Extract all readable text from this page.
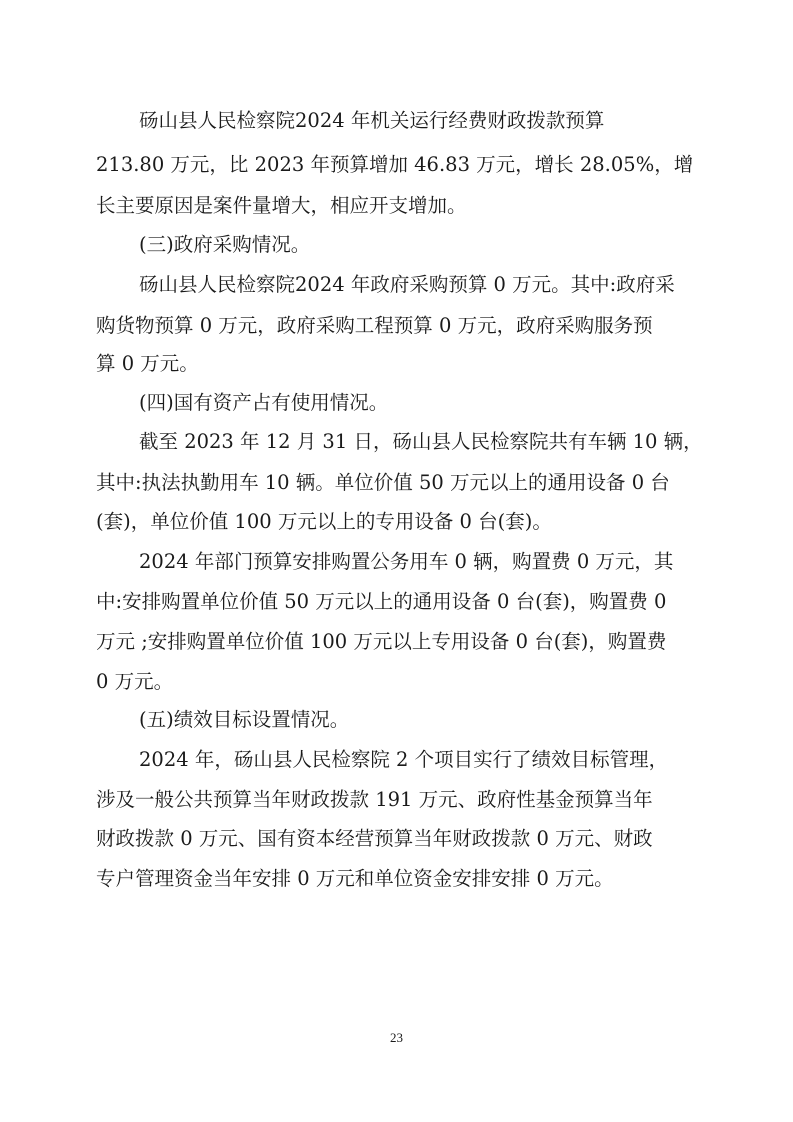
砀山县人民检察院2024 年机关运行经费财政拨款预算
213.80 万元，比 2023 年预算增加 46.83 万元，增长 28.05%，增
长主要原因是案件量增大，相应开支增加。
(三)政府采购情况。
砀山县人民检察院2024 年政府采购预算 0 万元。其中:政府采
购货物预算 0 万元，政府采购工程预算 0 万元，政府采购服务预
算 0 万元。
(四)国有资产占有使用情况。
截至 2023 年 12 月 31 日，砀山县人民检察院共有车辆 10 辆，
其中:执法执勤用车 10 辆。单位价值 50 万元以上的通用设备 0 台
(套)，单位价值 100 万元以上的专用设备 0 台(套)。
2024 年部门预算安排购置公务用车 0 辆，购置费 0 万元，其
中:安排购置单位价值 50 万元以上的通用设备 0 台(套)，购置费 0
万元 ;安排购置单位价值 100 万元以上专用设备 0 台(套)，购置费
0 万元。
(五)绩效目标设置情况。
2024 年，砀山县人民检察院 2 个项目实行了绩效目标管理，
涉及一般公共预算当年财政拨款 191 万元、政府性基金预算当年
财政拨款 0 万元、国有资本经营预算当年财政拨款 0 万元、财政
专户管理资金当年安排 0 万元和单位资金安排安排 0 万元。
23
